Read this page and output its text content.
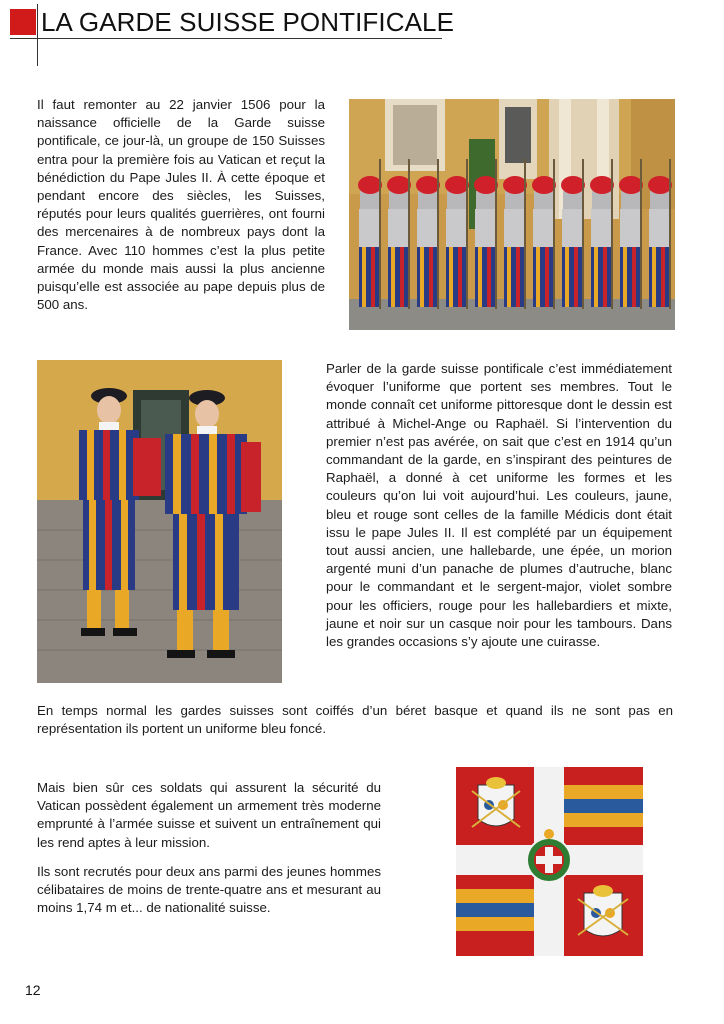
LA GARDE SUISSE PONTIFICALE

Il faut remonter au 22 janvier 1506 pour la naissance officielle de la Garde suisse pontificale, ce jour-là, un groupe de 150 Suisses entra pour la première fois au Vatican et reçut la bénédiction du Pape Jules II. À cette époque et pendant encore des siècles, les Suisses, réputés pour leurs qualités guerrières, ont fourni des mercenaires à de nombreux pays dont la France. Avec 110 hommes c’est la plus petite armée du monde mais aussi la plus ancienne puisqu’elle est associée au pape depuis plus de 500 ans.

Parler de la garde suisse pontificale c’est immédiatement évoquer l’uniforme que portent ses membres. Tout le monde connaît cet uniforme pittoresque dont le dessin est attribué à Michel-Ange ou Raphaël. Si l’intervention du premier n’est pas avérée, on sait que c’est en 1914 qu’un commandant de la garde, en s’inspirant des peintures de Raphaël, a donné à cet uniforme les formes et les couleurs qu’on lui voit aujourd’hui. Les couleurs, jaune, bleu et rouge sont celles de la famille Médicis dont était issu le pape Jules II. Il est complété par un équipement tout aussi ancien, une hallebarde, une épée, un morion argenté muni d’un panache de plumes d’autruche, blanc pour le commandant et le sergent-major, violet sombre pour les officiers, rouge pour les hallebardiers et mixte, jaune et noir sur un casque noir pour les tambours. Dans les grandes occasions s’y ajoute une cuirasse.

En temps normal les gardes suisses sont coiffés d’un béret basque et quand ils ne sont pas en représentation ils portent un uniforme bleu foncé.

Mais bien sûr ces soldats qui assurent la sécurité du Vatican possèdent également un armement très moderne emprunté à l’armée suisse et suivent un entraînement qui les rend aptes à leur mission.

Ils sont recrutés pour deux ans parmi des jeunes hommes célibataires de moins de trente-quatre ans et mesurant au moins 1,74 m et... de nationalité suisse.

12
